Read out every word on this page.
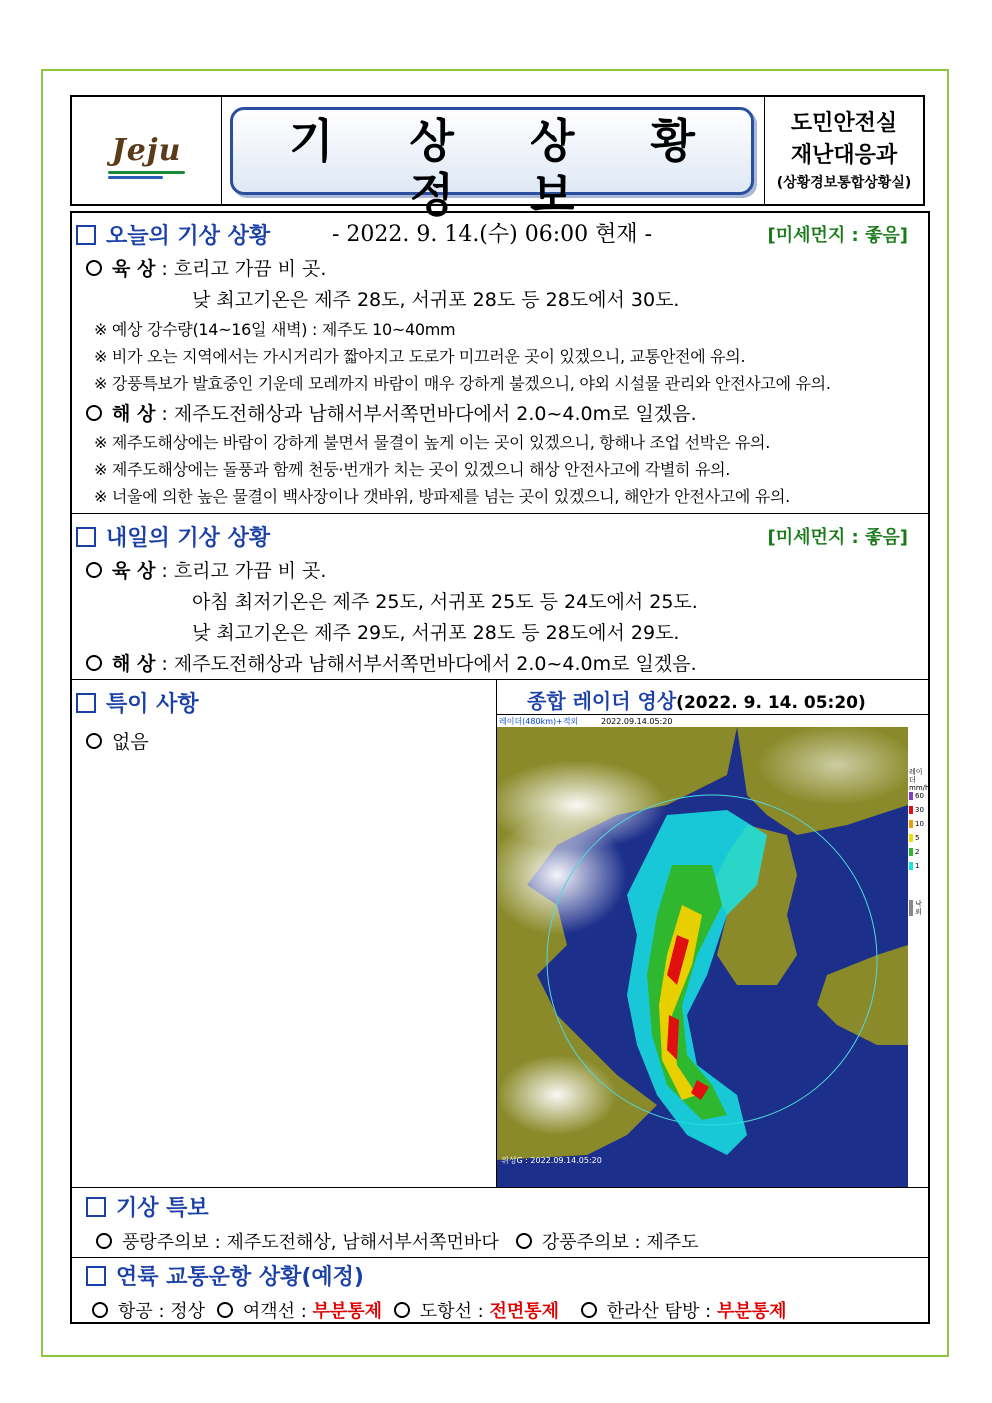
Jeju	기 상 상 황 정 보
- 2022. 9. 14.(수) 06:00 현재 -
도민안전실
재난대응과
(상황경보통합상황실)
오늘의 기상 상황	[미세먼지 : 좋음]
육 상 : 흐리고 가끔 비 곳.
낮 최고기온은 제주 28도, 서귀포 28도 등 28도에서 30도.
※ 예상 강수량(14~16일 새벽) : 제주도 10~40mm
※ 비가 오는 지역에서는 가시거리가 짧아지고 도로가 미끄러운 곳이 있겠으니, 교통안전에 유의.
※ 강풍특보가 발효중인 기운데 모레까지 바람이 매우 강하게 불겠으니, 야외 시설물 관리와 안전사고에 유의.
해 상 : 제주도전해상과 남해서부서쪽먼바다에서 2.0~4.0m로 일겠음.
※ 제주도해상에는 바람이 강하게 불면서 물결이 높게 이는 곳이 있겠으니, 항해나 조업 선박은 유의.
※ 제주도해상에는 돌풍과 함께 천둥·번개가 치는 곳이 있겠으니 해상 안전사고에 각별히 유의.
※ 너울에 의한 높은 물결이 백사장이나 갯바위, 방파제를 넘는 곳이 있겠으니, 해안가 안전사고에 유의.
내일의 기상 상황	[미세먼지 : 좋음]
육 상 : 흐리고 가끔 비 곳.
아침 최저기온은 제주 25도, 서귀포 25도 등 24도에서 25도.
낮 최고기온은 제주 29도, 서귀포 28도 등 28도에서 29도.
해 상 : 제주도전해상과 남해서부서쪽먼바다에서 2.0~4.0m로 일겠음.
특이 사항
없음
종합 레이더 영상(2022. 9. 14. 05:20)
레이더(480km)+적외	2022.09.14.05:20
위성G : 2022.09.14.05:20
레이더
mm/h
60
30
10
5
2
1
낙뢰
기상 특보
풍랑주의보 : 제주도전해상, 남해서부서쪽먼바다 강풍주의보 : 제주도
연륙 교통운항 상황(예정)
항공 : 정상 여객선 : 부분통제 도항선 : 전면통제	한라산 탐방 : 부분통제
